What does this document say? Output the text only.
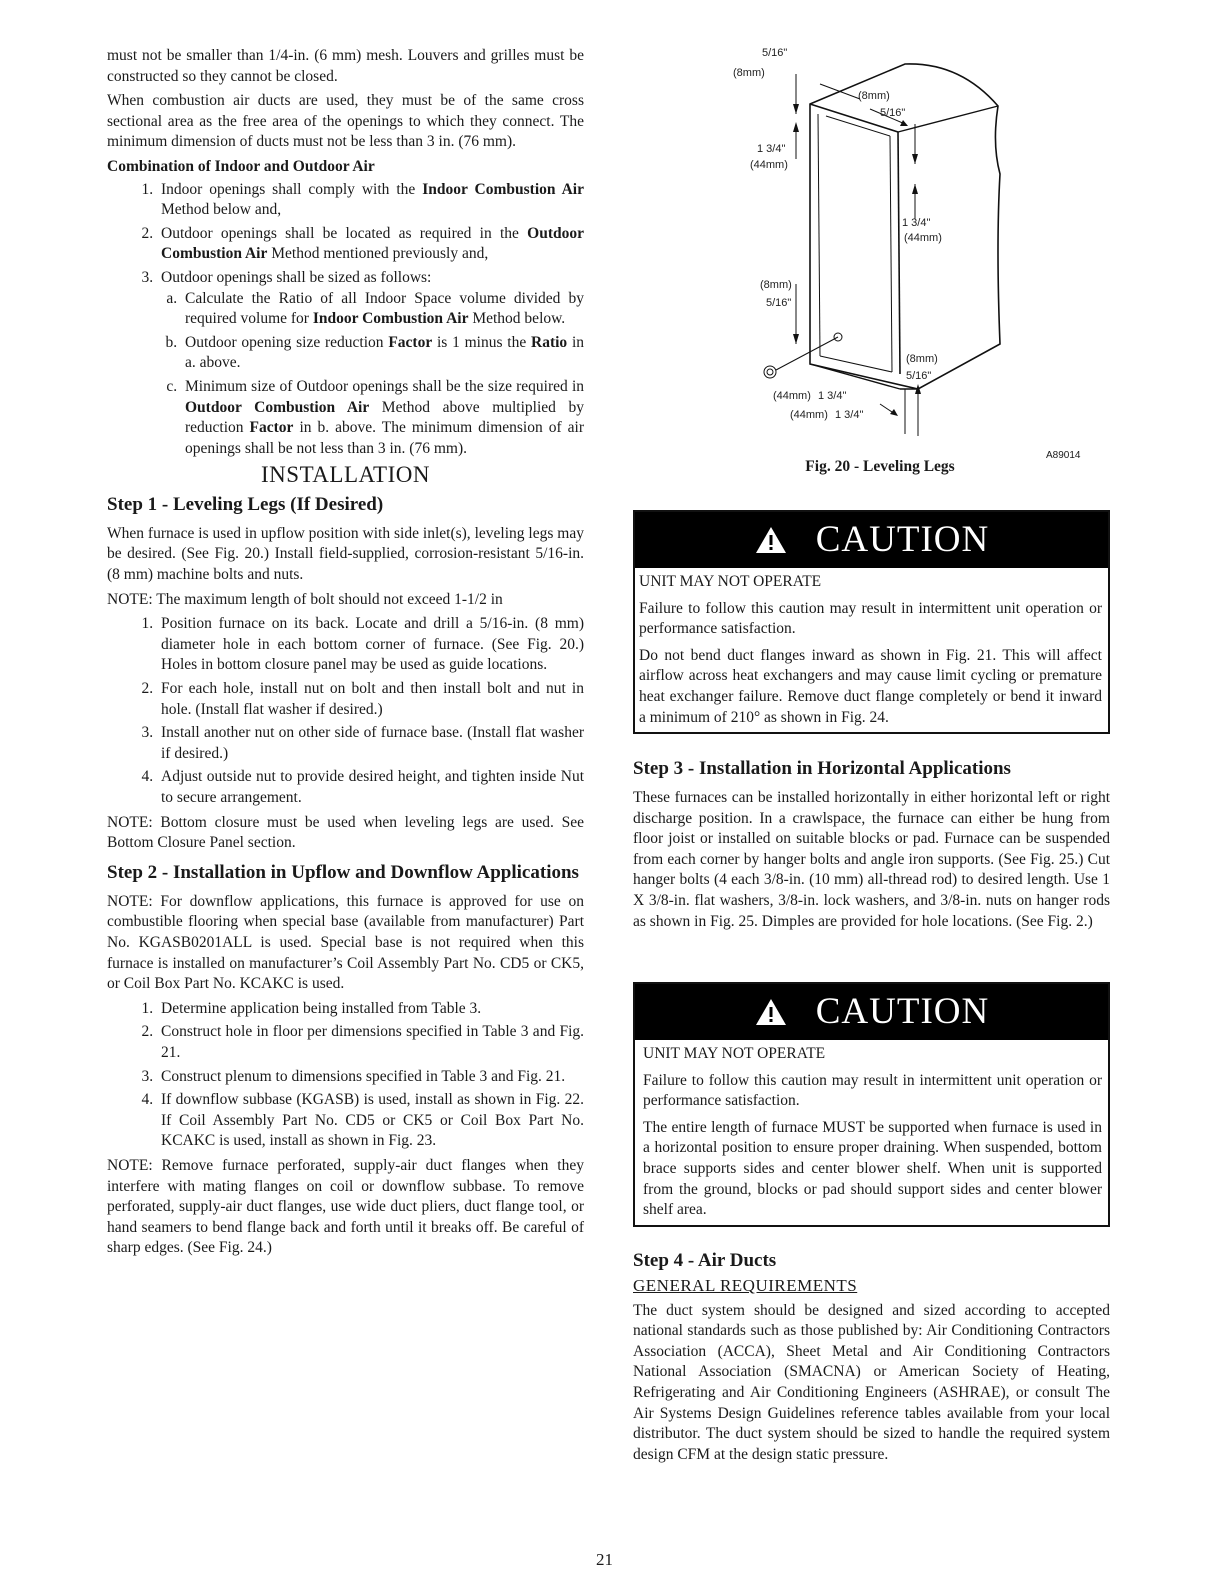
must not be smaller than 1/4-in. (6 mm) mesh. Louvers and grilles must be constructed so they cannot be closed.

When combustion air ducts are used, they must be of the same cross sectional area as the free area of the openings to which they connect. The minimum dimension of ducts must not be less than 3 in. (76 mm).

Combination of Indoor and Outdoor Air
1. Indoor openings shall comply with the Indoor Combustion Air Method below and,
2. Outdoor openings shall be located as required in the Outdoor Combustion Air Method mentioned previously and,
3. Outdoor openings shall be sized as follows:
a. Calculate the Ratio of all Indoor Space volume divided by required volume for Indoor Combustion Air Method below.
b. Outdoor opening size reduction Factor is 1 minus the Ratio in a. above.
c. Minimum size of Outdoor openings shall be the size required in Outdoor Combustion Air Method above multiplied by reduction Factor in b. above. The minimum dimension of air openings shall be not less than 3 in. (76 mm).
INSTALLATION
Step 1 - Leveling Legs (If Desired)

When furnace is used in upflow position with side inlet(s), leveling legs may be desired. (See Fig. 20.) Install field-supplied, corrosion-resistant 5/16-in. (8 mm) machine bolts and nuts.

NOTE: The maximum length of bolt should not exceed 1-1/2 in

1. Position furnace on its back. Locate and drill a 5/16-in. (8 mm) diameter hole in each bottom corner of furnace. (See Fig. 20.) Holes in bottom closure panel may be used as guide locations.
2. For each hole, install nut on bolt and then install bolt and nut in hole. (Install flat washer if desired.)
3. Install another nut on other side of furnace base. (Install flat washer if desired.)
4. Adjust outside nut to provide desired height, and tighten inside Nut to secure arrangement.

NOTE: Bottom closure must be used when leveling legs are used. See Bottom Closure Panel section.

Step 2 - Installation in Upflow and Downflow Applications

NOTE: For downflow applications, this furnace is approved for use on combustible flooring when special base (available from manufacturer) Part No. KGASB0201ALL is used. Special base is not required when this furnace is installed on manufacturer’s Coil Assembly Part No. CD5 or CK5, or Coil Box Part No. KCAKC is used.

1. Determine application being installed from Table 3.
2. Construct hole in floor per dimensions specified in Table 3 and Fig. 21.
3. Construct plenum to dimensions specified in Table 3 and Fig. 21.
4. If downflow subbase (KGASB) is used, install as shown in Fig. 22. If Coil Assembly Part No. CD5 or CK5 or Coil Box Part No. KCAKC is used, install as shown in Fig. 23.

NOTE: Remove furnace perforated, supply-air duct flanges when they interfere with mating flanges on coil or downflow subbase. To remove perforated, supply-air duct flanges, use wide duct pliers, duct flange tool, or hand seamers to bend flange back and forth until it breaks off. Be careful of sharp edges. (See Fig. 24.)

5/16"
(8mm)
(8mm)
5/16"
1 3/4"
(44mm)
1 3/4"
(44mm)
(8mm)
5/16"
(8mm)
5/16"
(44mm) 1 3/4"
(44mm) 1 3/4"
A89014
Fig. 20 - Leveling Legs
CAUTION
UNIT MAY NOT OPERATE

Failure to follow this caution may result in intermittent unit operation or performance satisfaction.

Do not bend duct flanges inward as shown in Fig. 21. This will affect airflow across heat exchangers and may cause limit cycling or premature heat exchanger failure. Remove duct flange completely or bend it inward a minimum of 210° as shown in Fig. 24.

Step 3 - Installation in Horizontal Applications

These furnaces can be installed horizontally in either horizontal left or right discharge position. In a crawlspace, the furnace can either be hung from floor joist or installed on suitable blocks or pad. Furnace can be suspended from each corner by hanger bolts and angle iron supports. (See Fig. 25.) Cut hanger bolts (4 each 3/8-in. (10 mm) all-thread rod) to desired length. Use 1 X 3/8-in. flat washers, 3/8-in. lock washers, and 3/8-in. nuts on hanger rods as shown in Fig. 25. Dimples are provided for hole locations. (See Fig. 2.)

CAUTION
UNIT MAY NOT OPERATE

Failure to follow this caution may result in intermittent unit operation or performance satisfaction.

The entire length of furnace MUST be supported when furnace is used in a horizontal position to ensure proper draining. When suspended, bottom brace supports sides and center blower shelf. When unit is supported from the ground, blocks or pad should support sides and center blower shelf area.

Step 4 - Air Ducts
GENERAL REQUIREMENTS

The duct system should be designed and sized according to accepted national standards such as those published by: Air Conditioning Contractors Association (ACCA), Sheet Metal and Air Conditioning Contractors National Association (SMACNA) or American Society of Heating, Refrigerating and Air Conditioning Engineers (ASHRAE), or consult The Air Systems Design Guidelines reference tables available from your local distributor. The duct system should be sized to handle the required system design CFM at the design static pressure.

21
